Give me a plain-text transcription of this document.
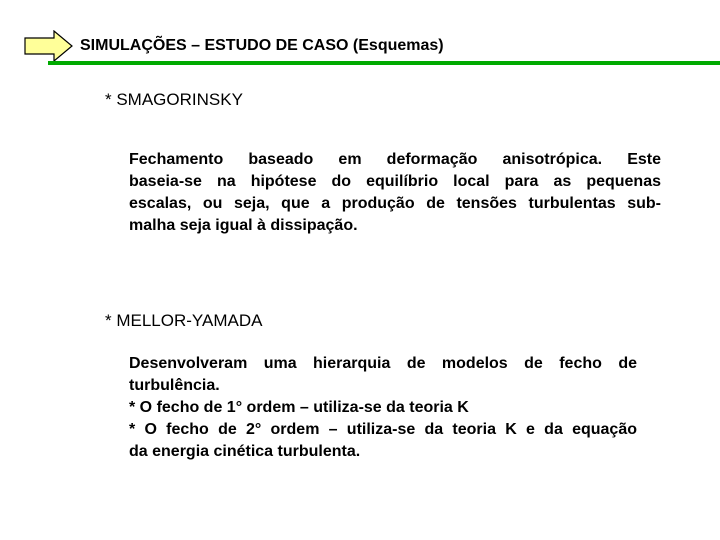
SIMULAÇÕES – ESTUDO DE CASO (Esquemas)
* SMAGORINSKY
Fechamento baseado em deformação anisotrópica. Este
baseia-se na hipótese do equilíbrio local para as pequenas
escalas, ou seja, que a produção de tensões turbulentas sub-
malha seja igual à dissipação.
* MELLOR-YAMADA
Desenvolveram uma hierarquia de modelos de fecho de
turbulência.
* O fecho de 1° ordem – utiliza-se da teoria K
* O fecho de 2° ordem – utiliza-se da teoria K e da equação
da energia cinética turbulenta.
